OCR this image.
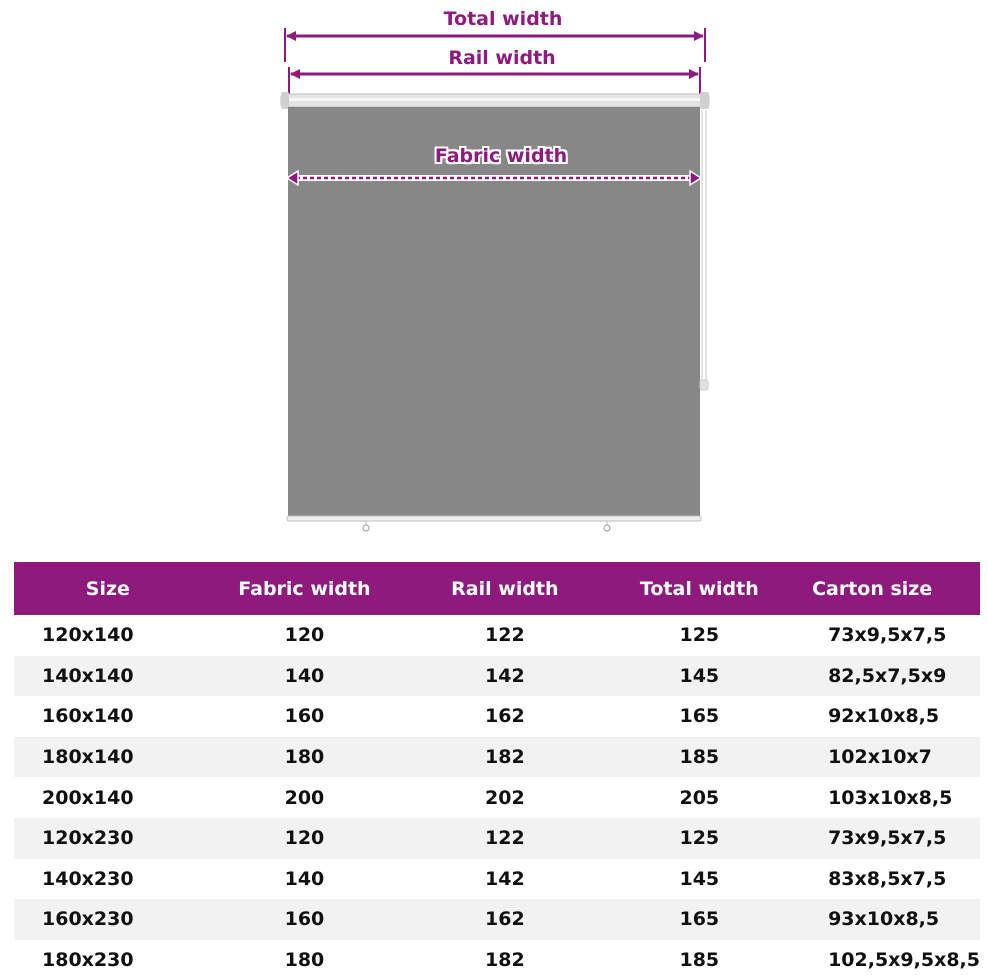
Total width
Rail width
Fabric width
Size	Fabric width	Rail width	Total width	Carton size
120x140	120	122	125	73x9,5x7,5
140x140	140	142	145	82,5x7,5x9
160x140	160	162	165	92x10x8,5
180x140	180	182	185	102x10x7
200x140	200	202	205	103x10x8,5
120x230	120	122	125	73x9,5x7,5
140x230	140	142	145	83x8,5x7,5
160x230	160	162	165	93x10x8,5
180x230	180	182	185	102,5x9,5x8,5
